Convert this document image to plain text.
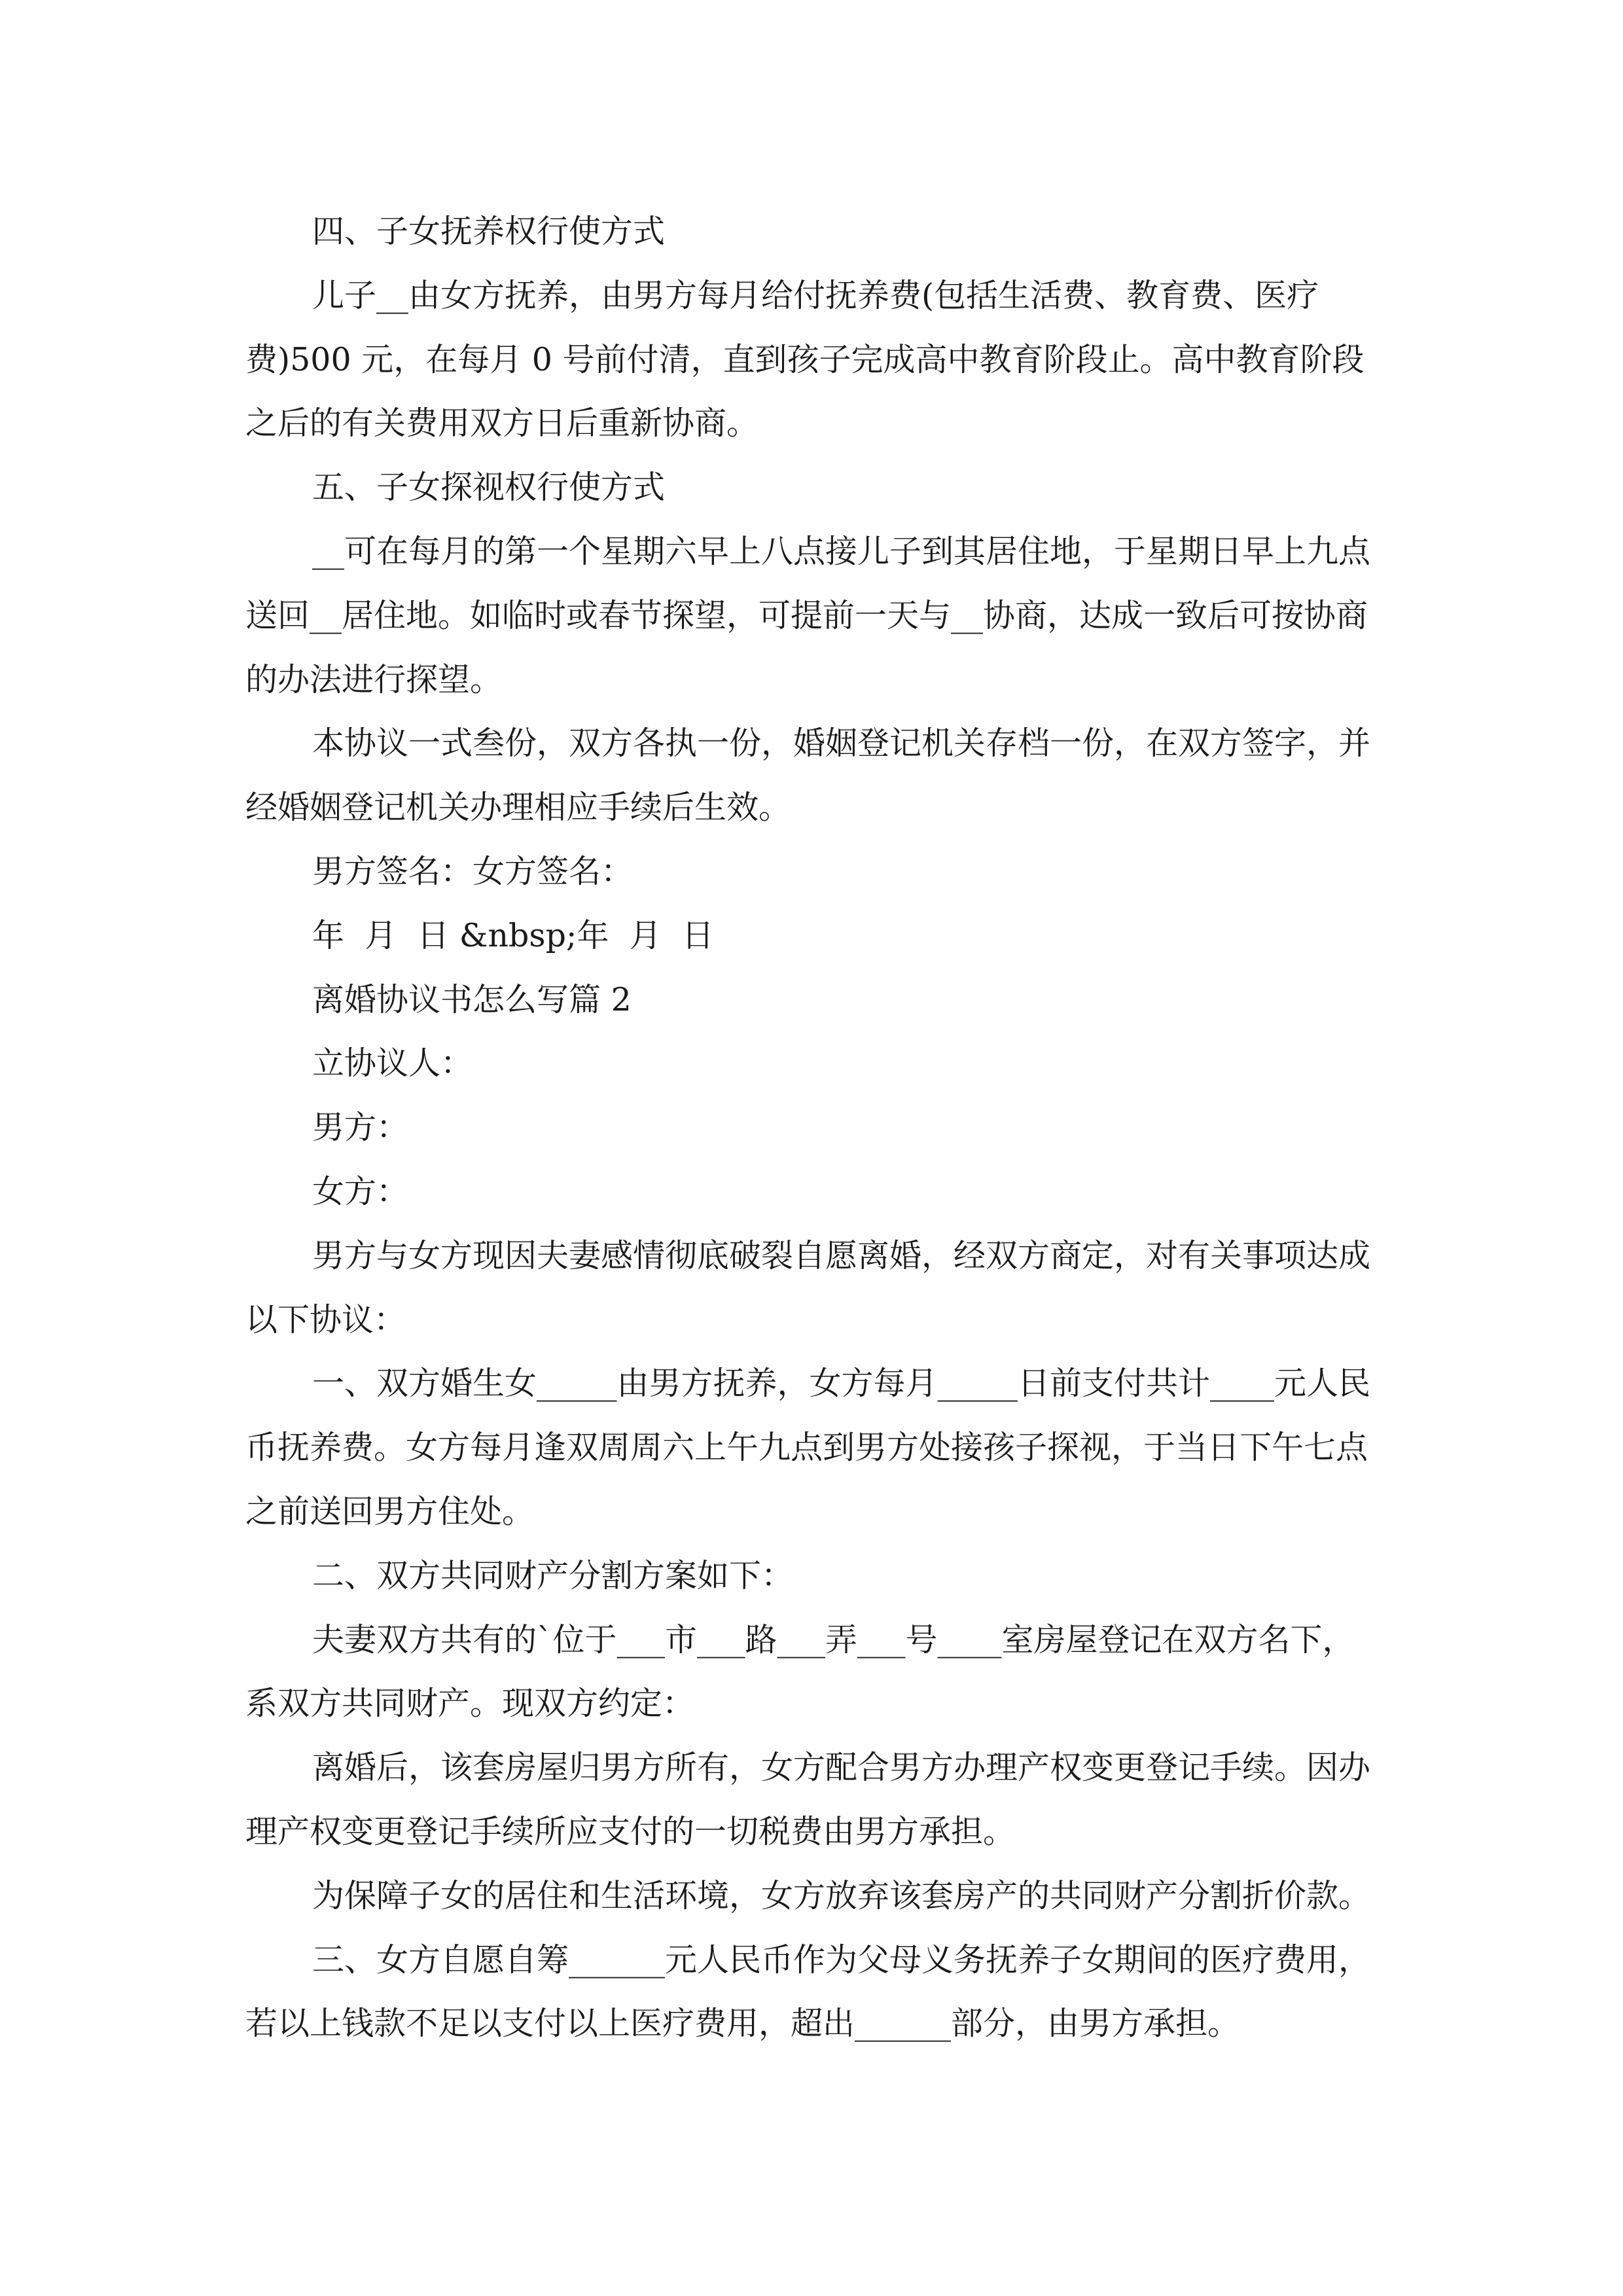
四、子女抚养权行使方式
儿子__由女方抚养，由男方每月给付抚养费(包括生活费、教育费、医疗
费)500 元，在每月 0 号前付清，直到孩子完成高中教育阶段止。高中教育阶段
之后的有关费用双方日后重新协商。
五、子女探视权行使方式
__可在每月的第一个星期六早上八点接儿子到其居住地，于星期日早上九点
送回__居住地。如临时或春节探望，可提前一天与__协商，达成一致后可按协商
的办法进行探望。
本协议一式叁份，双方各执一份，婚姻登记机关存档一份，在双方签字，并
经婚姻登记机关办理相应手续后生效。
男方签名：女方签名：
年  月  日 &nbsp;年  月  日
离婚协议书怎么写篇 2
立协议人：
男方：
女方：
男方与女方现因夫妻感情彻底破裂自愿离婚，经双方商定，对有关事项达成
以下协议：
一、双方婚生女_____由男方抚养，女方每月_____日前支付共计____元人民
币抚养费。女方每月逢双周周六上午九点到男方处接孩子探视，于当日下午七点
之前送回男方住处。
二、双方共同财产分割方案如下：
夫妻双方共有的`位于___市___路___弄___号____室房屋登记在双方名下，
系双方共同财产。现双方约定：
离婚后，该套房屋归男方所有，女方配合男方办理产权变更登记手续。因办
理产权变更登记手续所应支付的一切税费由男方承担。
为保障子女的居住和生活环境，女方放弃该套房产的共同财产分割折价款。
三、女方自愿自筹______元人民币作为父母义务抚养子女期间的医疗费用，
若以上钱款不足以支付以上医疗费用，超出______部分，由男方承担。
